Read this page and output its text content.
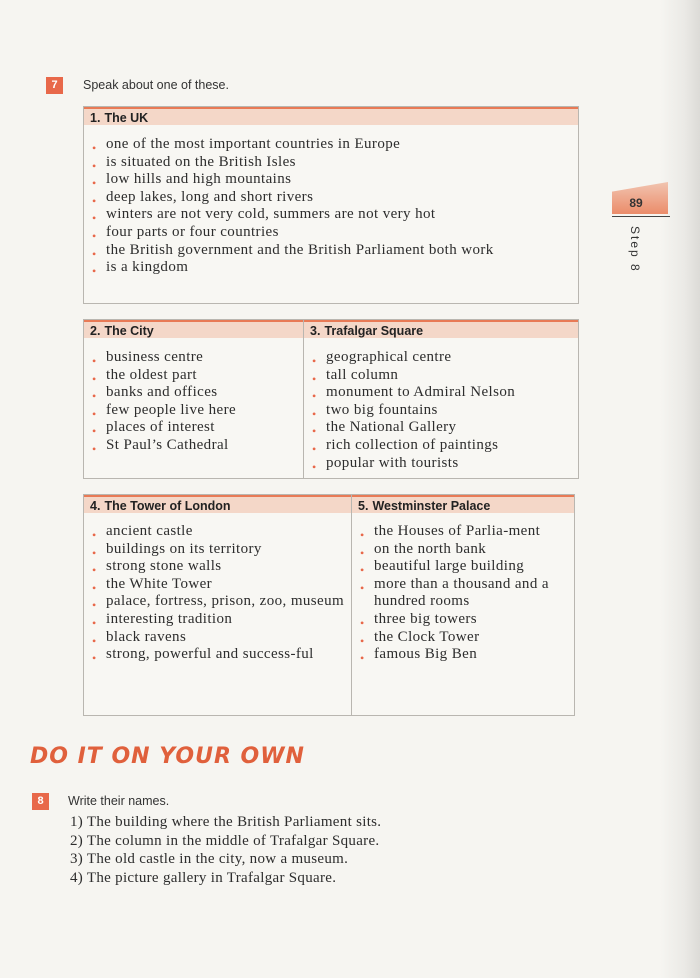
89
Step 8
7	Speak about one of these.
1. The UK
• one of the most important countries in Europe
• is situated on the British Isles
• low hills and high mountains
• deep lakes, long and short rivers
• winters are not very cold, summers are not very hot
• four parts or four countries
• the British government and the British Parliament both work
• is a kingdom
2. The City
• business centre
• the oldest part
• banks and offices
• few people live here
• places of interest
• St Paul’s Cathedral
3. Trafalgar Square
• geographical centre
• tall column
• monument to Admiral Nelson
• two big fountains
• the National Gallery
• rich collection of paintings
• popular with tourists
4. The Tower of London
• ancient castle
• buildings on its territory
• strong stone walls
• the White Tower
• palace, fortress, prison, zoo, museum
• interesting tradition
• black ravens
• strong, powerful and success-ful
5. Westminster Palace
• the Houses of Parlia-ment
• on the north bank
• beautiful large building
• more than a thousand and a hundred rooms
• three big towers
• the Clock Tower
• famous Big Ben
DO IT ON YOUR OWN
8	Write their names.
1) The building where the British Parliament sits.
2) The column in the middle of Trafalgar Square.
3) The old castle in the city, now a museum.
4) The picture gallery in Trafalgar Square.
